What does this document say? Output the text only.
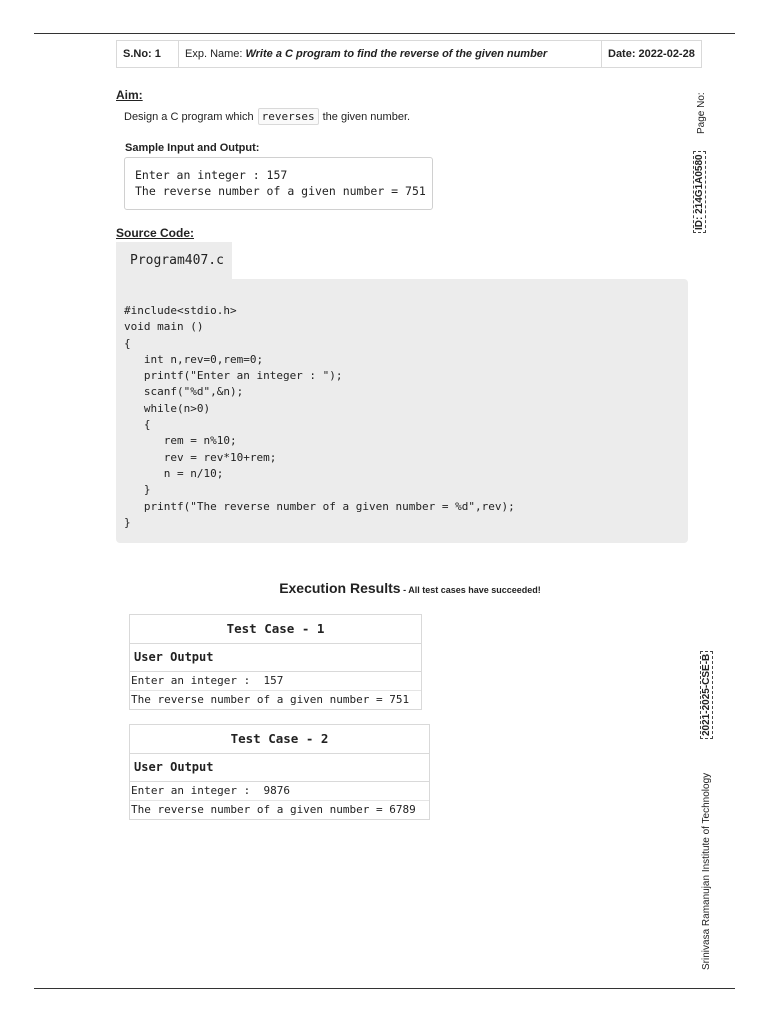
S.No: 1	Exp. Name: Write a C program to find the reverse of the given number	Date: 2022-02-28
Aim:
Design a C program which reverses the given number.
Sample Input and Output:
Enter an integer : 157
The reverse number of a given number = 751
Source Code:
Program407.c
#include<stdio.h>
void main ()
{
int n,rev=0,rem=0;
printf("Enter an integer : ");
scanf("%d",&n);
while(n>0)
{
rem = n%10;
rev = rev*10+rem;
n = n/10;
}
printf("The reverse number of a given number = %d",rev);
}
Execution Results - All test cases have succeeded!
Test Case - 1
User Output
Enter an integer :  157
The reverse number of a given number = 751
Test Case - 2
User Output
Enter an integer :  9876
The reverse number of a given number = 6789
Page No:
ID: 214G1A0580
2021-2025-CSE-B
Srinivasa Ramanujan Institute of Technology
